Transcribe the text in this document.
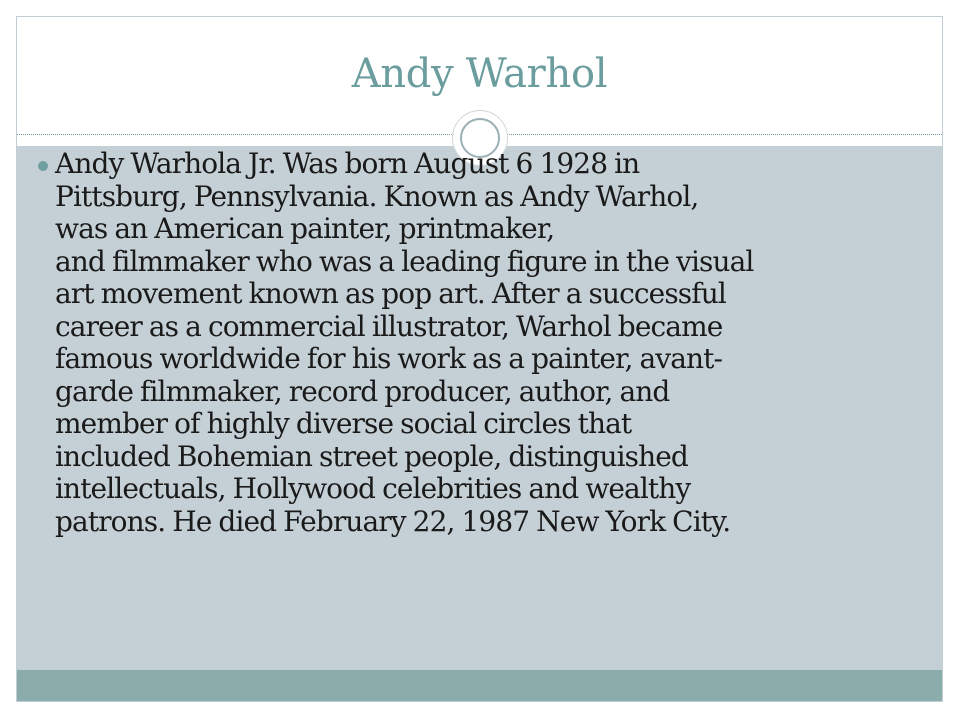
Andy Warhol
Andy Warhola Jr. Was born August 6 1928 in
Pittsburg, Pennsylvania. Known as Andy Warhol,
was an American painter, printmaker,
and filmmaker who was a leading figure in the visual
art movement known as pop art. After a successful
career as a commercial illustrator, Warhol became
famous worldwide for his work as a painter, avant-
garde filmmaker, record producer, author, and
member of highly diverse social circles that
included Bohemian street people, distinguished
intellectuals, Hollywood celebrities and wealthy
patrons. He died February 22, 1987 New York City.
